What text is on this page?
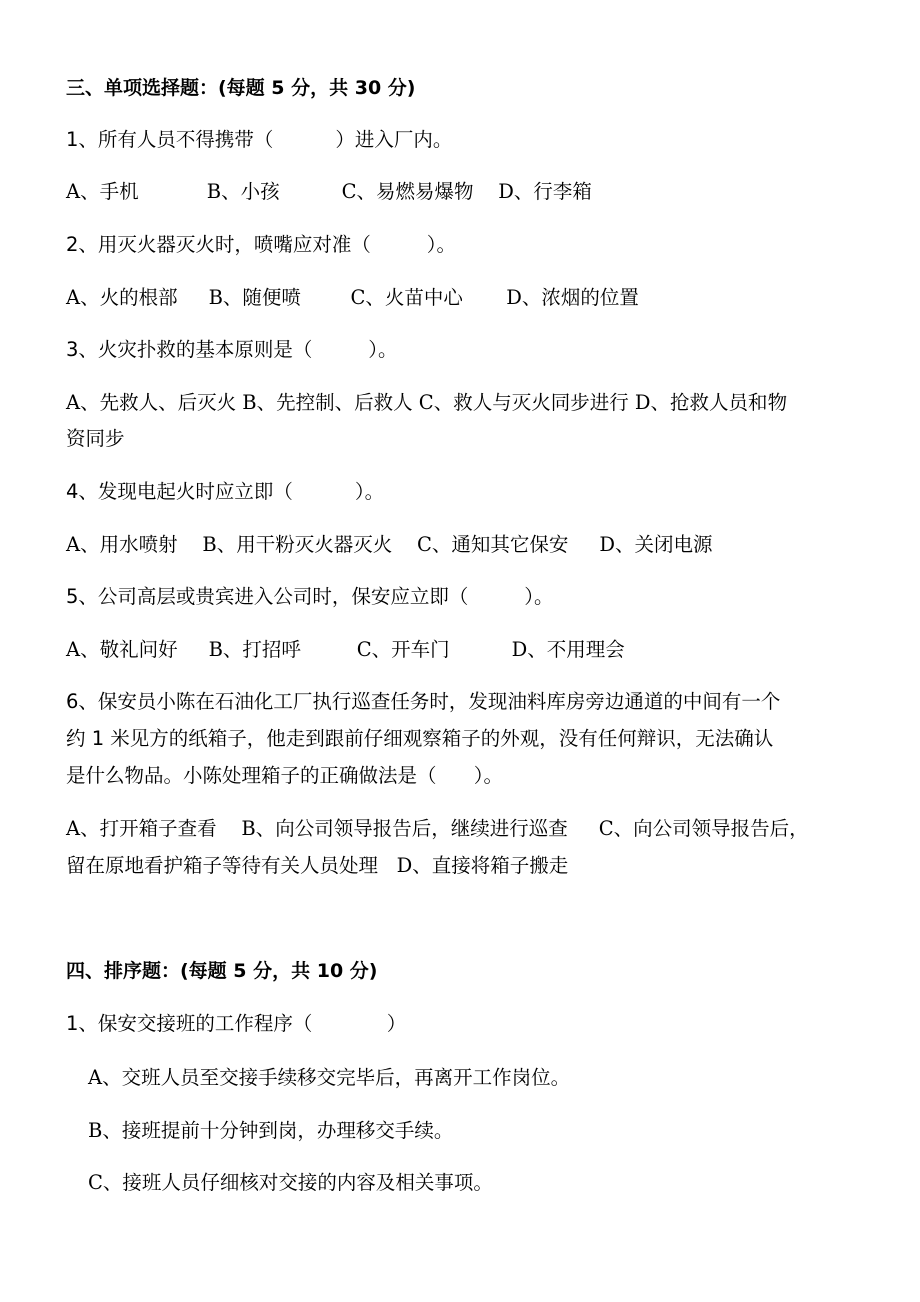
三、单项选择题：(每题 5 分，共 30 分)

1、所有人员不得携带（          ）进入厂内。

A、手机           B、小孩          C、易燃易爆物    D、行李箱

2、用灭火器灭火时，喷嘴应对准（         ）。

A、火的根部     B、随便喷        C、火苗中心       D、浓烟的位置

3、火灾扑救的基本原则是（         ）。

A、先救人、后灭火 B、先控制、后救人 C、救人与灭火同步进行 D、抢救人员和物

资同步

4、发现电起火时应立即（          ）。

A、用水喷射    B、用干粉灭火器灭火    C、通知其它保安     D、关闭电源

5、公司高层或贵宾进入公司时，保安应立即（         ）。

A、敬礼问好     B、打招呼         C、开车门          D、不用理会

6、保安员小陈在石油化工厂执行巡查任务时，发现油料库房旁边通道的中间有一个

约 1 米见方的纸箱子，他走到跟前仔细观察箱子的外观，没有任何辩识，无法确认

是什么物品。小陈处理箱子的正确做法是（      ）。

A、打开箱子查看    B、向公司领导报告后，继续进行巡查     C、向公司领导报告后，

留在原地看护箱子等待有关人员处理   D、直接将箱子搬走

四、排序题：(每题 5 分，共 10 分)

1、保安交接班的工作程序（            ）

A、交班人员至交接手续移交完毕后，再离开工作岗位。

B、接班提前十分钟到岗，办理移交手续。

C、接班人员仔细核对交接的内容及相关事项。
